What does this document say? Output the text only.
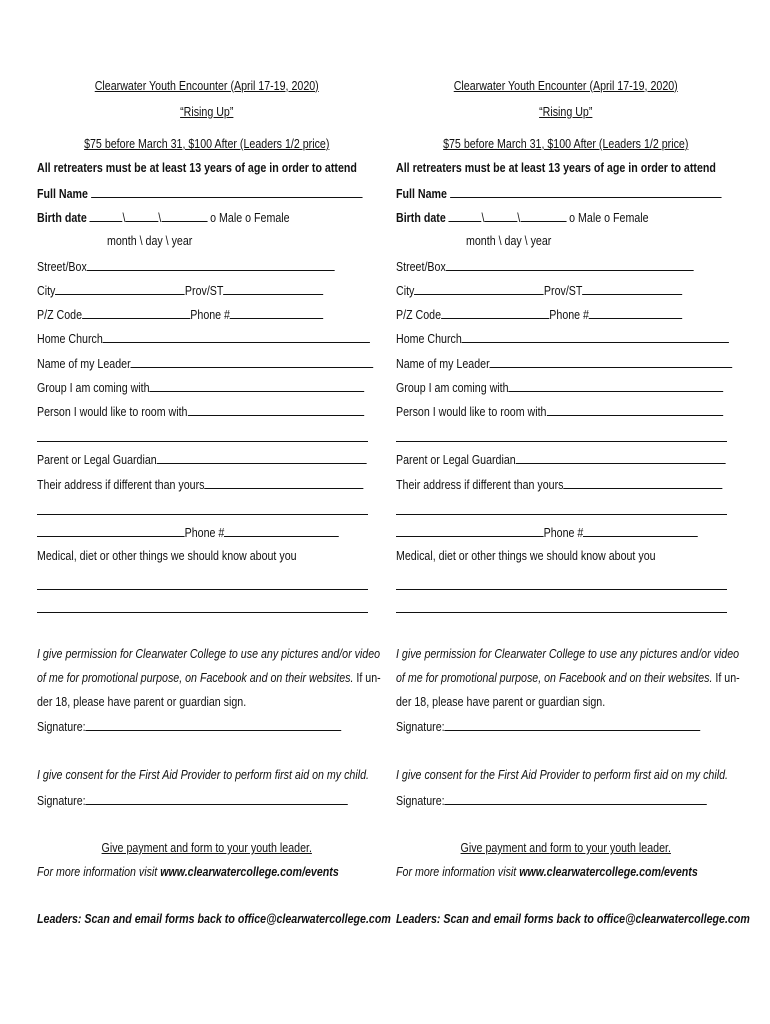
Clearwater Youth Encounter (April 17-19, 2020)
“Rising Up”
$75 before March 31, $100 After (Leaders 1/2 price)
All retreaters must be at least 13 years of age in order to attend
Full Name
Birth date	\	\	o Male o Female
month \ day \ year
Street/Box
City	Prov/ST
P/Z Code	Phone #
Home Church
Name of my Leader
Group I am coming with
Person I would like to room with
Parent or Legal Guardian
Their address if different than yours
Phone #
Medical, diet or other things we should know about you
I give permission for Clearwater College to use any pictures and/or video
of me for promotional purpose, on Facebook and on their websites. If un-
der 18, please have parent or guardian sign.
Signature:
I give consent for the First Aid Provider to perform first aid on my child.
Signature:
Give payment and form to your youth leader.
For more information visit www.clearwatercollege.com/events
Leaders: Scan and email forms back to office@clearwatercollege.com
Clearwater Youth Encounter (April 17-19, 2020)
“Rising Up”
$75 before March 31, $100 After (Leaders 1/2 price)
All retreaters must be at least 13 years of age in order to attend
Full Name
Birth date	\	\	o Male o Female
month \ day \ year
Street/Box
City	Prov/ST
P/Z Code	Phone #
Home Church
Name of my Leader
Group I am coming with
Person I would like to room with
Parent or Legal Guardian
Their address if different than yours
Phone #
Medical, diet or other things we should know about you
I give permission for Clearwater College to use any pictures and/or video
of me for promotional purpose, on Facebook and on their websites. If un-
der 18, please have parent or guardian sign.
Signature:
I give consent for the First Aid Provider to perform first aid on my child.
Signature:
Give payment and form to your youth leader.
For more information visit www.clearwatercollege.com/events
Leaders: Scan and email forms back to office@clearwatercollege.com
